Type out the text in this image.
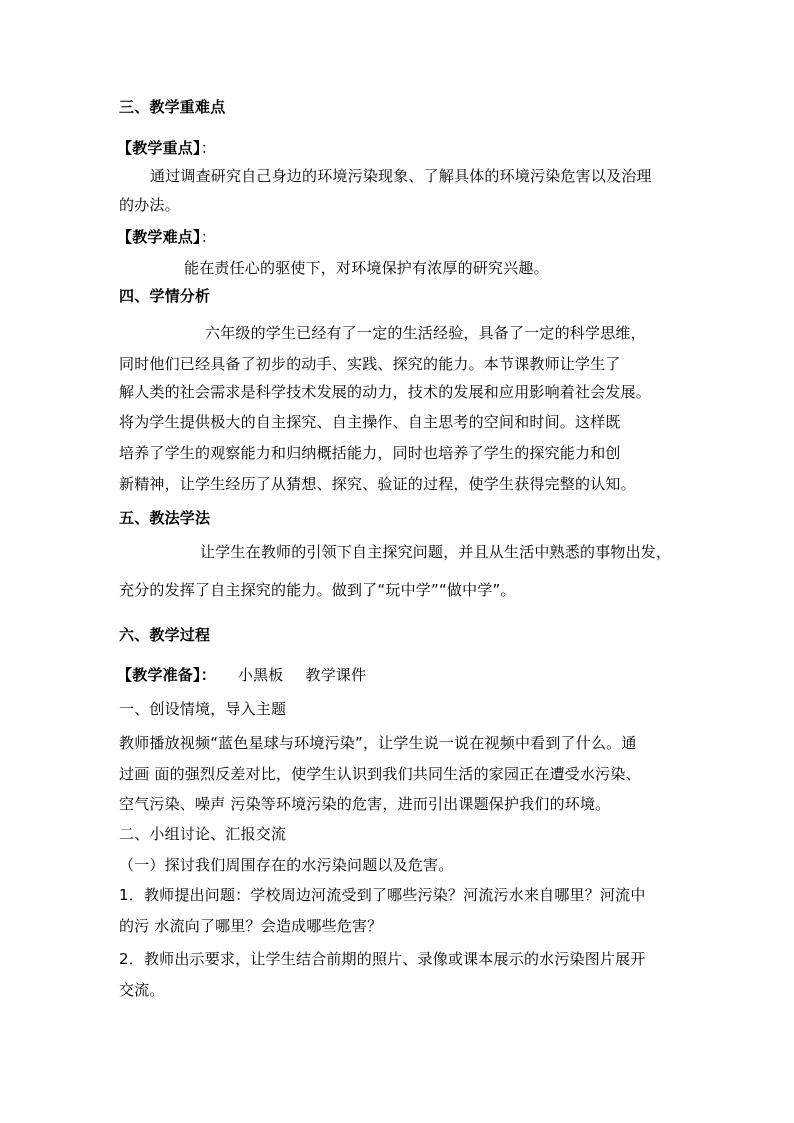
三、教学重难点
【教学重点】：

通过调查研究自己身边的环境污染现象、了解具体的环境污染危害以及治理

的办法。

【教学难点】：

能在责任心的驱使下，对环境保护有浓厚的研究兴趣。

四、学情分析

六年级的学生已经有了一定的生活经验，具备了一定的科学思维，

同时他们已经具备了初步的动手、实践、探究的能力。本节课教师让学生了

解人类的社会需求是科学技术发展的动力，技术的发展和应用影响着社会发展。

将为学生提供极大的自主探究、自主操作、自主思考的空间和时间。这样既

培养了学生的观察能力和归纳概括能力，同时也培养了学生的探究能力和创

新精神，让学生经历了从猜想、探究、验证的过程，使学生获得完整的认知。

五、教法学法

让学生在教师的引领下自主探究问题，并且从生活中熟悉的事物出发，

充分的发挥了自主探究的能力。做到了“玩中学”“做中学”。

六、教学过程
【教学准备】： 小黑板 教学课件

一、创设情境，导入主题

教师播放视频“蓝色星球与环境污染”，让学生说一说在视频中看到了什么。通

过画 面的强烈反差对比，使学生认识到我们共同生活的家园正在遭受水污染、

空气污染、噪声 污染等环境污染的危害，进而引出课题保护我们的环境。

二、小组讨论、汇报交流

（一）探讨我们周围存在的水污染问题以及危害。

1．教师提出问题：学校周边河流受到了哪些污染？河流污水来自哪里？河流中

的污 水流向了哪里？会造成哪些危害？

2．教师出示要求，让学生结合前期的照片、录像或课本展示的水污染图片展开

交流。
